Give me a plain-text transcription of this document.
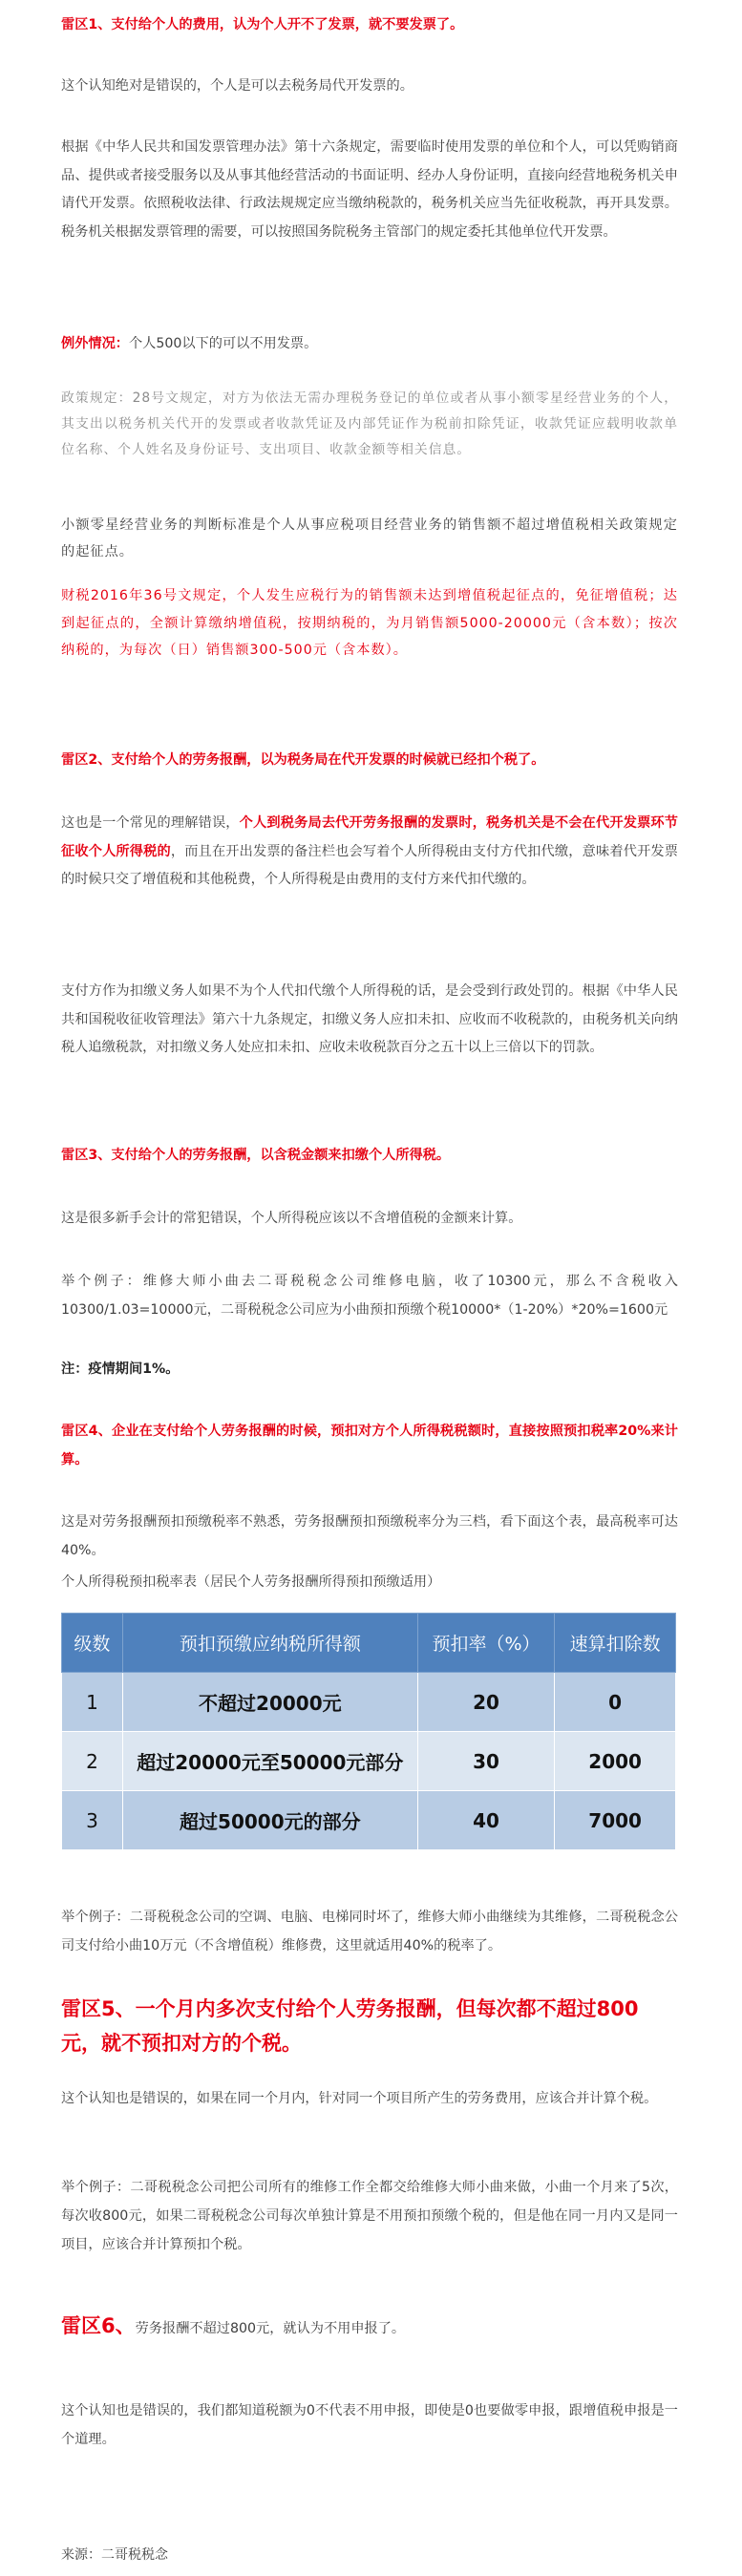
雷区1、支付给个人的费用，认为个人开不了发票，就不要发票了。

这个认知绝对是错误的，个人是可以去税务局代开发票的。

根据《中华人民共和国发票管理办法》第十六条规定，需要临时使用发票的单位和个人，可以凭购销商品、提供或者接受服务以及从事其他经营活动的书面证明、经办人身份证明，直接向经营地税务机关申请代开发票。依照税收法律、行政法规规定应当缴纳税款的，税务机关应当先征收税款，再开具发票。税务机关根据发票管理的需要，可以按照国务院税务主管部门的规定委托其他单位代开发票。

例外情况：个人500以下的可以不用发票。

政策规定：28号文规定，对方为依法无需办理税务登记的单位或者从事小额零星经营业务的个人，其支出以税务机关代开的发票或者收款凭证及内部凭证作为税前扣除凭证，收款凭证应载明收款单位名称、个人姓名及身份证号、支出项目、收款金额等相关信息。

小额零星经营业务的判断标准是个人从事应税项目经营业务的销售额不超过增值税相关政策规定的起征点。

财税2016年36号文规定，个人发生应税行为的销售额未达到增值税起征点的，免征增值税；达到起征点的，全额计算缴纳增值税，按期纳税的，为月销售额5000-20000元（含本数）；按次纳税的，为每次（日）销售额300-500元（含本数）。

雷区2、支付给个人的劳务报酬，以为税务局在代开发票的时候就已经扣个税了。

这也是一个常见的理解错误，个人到税务局去代开劳务报酬的发票时，税务机关是不会在代开发票环节征收个人所得税的，而且在开出发票的备注栏也会写着个人所得税由支付方代扣代缴，意味着代开发票的时候只交了增值税和其他税费，个人所得税是由费用的支付方来代扣代缴的。

支付方作为扣缴义务人如果不为个人代扣代缴个人所得税的话，是会受到行政处罚的。根据《中华人民共和国税收征收管理法》第六十九条规定，扣缴义务人应扣未扣、应收而不收税款的，由税务机关向纳税人追缴税款，对扣缴义务人处应扣未扣、应收未收税款百分之五十以上三倍以下的罚款。

雷区3、支付给个人的劳务报酬，以含税金额来扣缴个人所得税。

这是很多新手会计的常犯错误，个人所得税应该以不含增值税的金额来计算。

举个例子：维修大师小曲去二哥税税念公司维修电脑，收了10300元，那么不含税收入10300/1.03=10000元，二哥税税念公司应为小曲预扣预缴个税10000*（1-20%）*20%=1600元

注：疫情期间1%。

雷区4、企业在支付给个人劳务报酬的时候，预扣对方个人所得税税额时，直接按照预扣税率20%来计算。

这是对劳务报酬预扣预缴税率不熟悉，劳务报酬预扣预缴税率分为三档，看下面这个表，最高税率可达40%。

个人所得税预扣税率表（居民个人劳务报酬所得预扣预缴适用）

级数	预扣预缴应纳税所得额	预扣率（%）	速算扣除数
1	不超过20000元	20	0
2	超过20000元至50000元部分	30	2000
3	超过50000元的部分	40	7000

举个例子：二哥税税念公司的空调、电脑、电梯同时坏了，维修大师小曲继续为其维修，二哥税税念公司支付给小曲10万元（不含增值税）维修费，这里就适用40%的税率了。

雷区5、一个月内多次支付给个人劳务报酬，但每次都不超过800元，就不预扣对方的个税。

这个认知也是错误的，如果在同一个月内，针对同一个项目所产生的劳务费用，应该合并计算个税。

举个例子：二哥税税念公司把公司所有的维修工作全都交给维修大师小曲来做，小曲一个月来了5次，每次收800元，如果二哥税税念公司每次单独计算是不用预扣预缴个税的，但是他在同一月内又是同一项目，应该合并计算预扣个税。

雷区6、劳务报酬不超过800元，就认为不用申报了。

这个认知也是错误的，我们都知道税额为0不代表不用申报，即使是0也要做零申报，跟增值税申报是一个道理。

来源：二哥税税念
